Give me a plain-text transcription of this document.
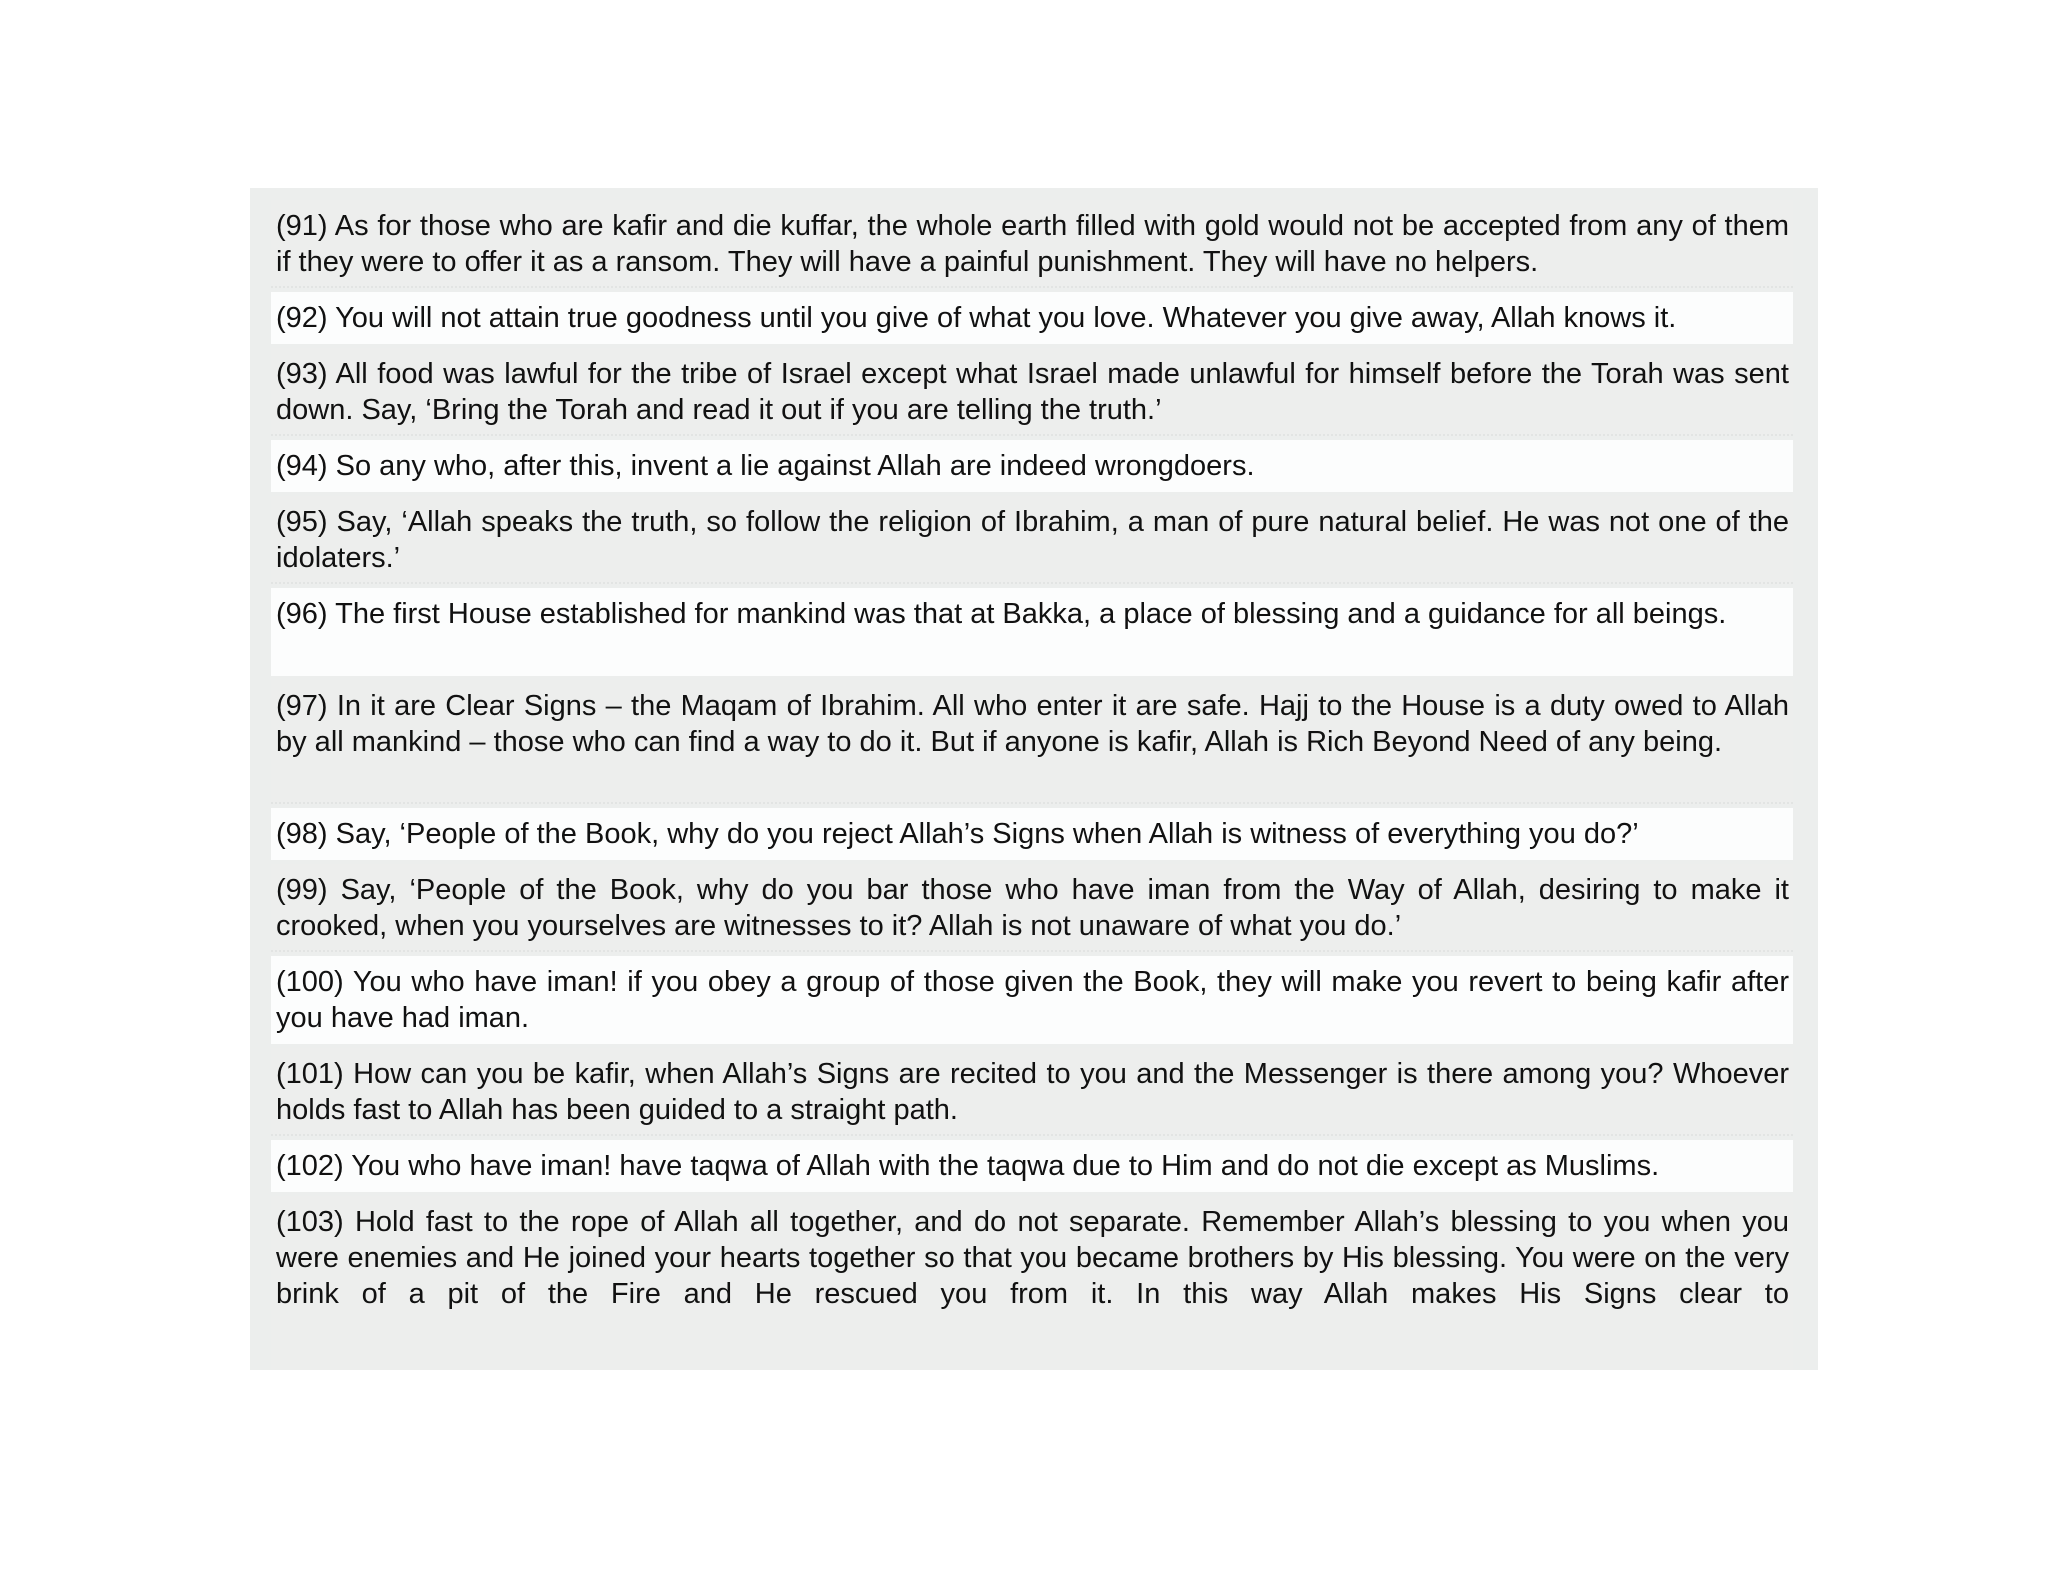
(91) As for those who are kafir and die kuffar, the whole earth filled with gold would not be accepted from any of them if they were to offer it as a ransom. They will have a painful punishment. They will have no helpers.
(92) You will not attain true goodness until you give of what you love. Whatever you give away, Allah knows it.
(93) All food was lawful for the tribe of Israel except what Israel made unlawful for himself before the Torah was sent down. Say, ‘Bring the Torah and read it out if you are telling the truth.’
(94) So any who, after this, invent a lie against Allah are indeed wrongdoers.
(95) Say, ‘Allah speaks the truth, so follow the religion of Ibrahim, a man of pure natural belief. He was not one of the idolaters.’
(96) The first House established for mankind was that at Bakka, a place of blessing and a guidance for all beings.
(97) In it are Clear Signs – the Maqam of Ibrahim. All who enter it are safe. Hajj to the House is a duty owed to Allah by all mankind – those who can find a way to do it. But if anyone is kafir, Allah is Rich Beyond Need of any being.
(98) Say, ‘People of the Book, why do you reject Allah’s Signs when Allah is witness of everything you do?’
(99) Say, ‘People of the Book, why do you bar those who have iman from the Way of Allah, desiring to make it crooked, when you yourselves are witnesses to it? Allah is not unaware of what you do.’
(100) You who have iman! if you obey a group of those given the Book, they will make you revert to being kafir after you have had iman.
(101) How can you be kafir, when Allah’s Signs are recited to you and the Messenger is there among you? Whoever holds fast to Allah has been guided to a straight path.
(102) You who have iman! have taqwa of Allah with the taqwa due to Him and do not die except as Muslims.
(103) Hold fast to the rope of Allah all together, and do not separate. Remember Allah’s blessing to you when you were enemies and He joined your hearts together so that you became brothers by His blessing. You were on the very brink of a pit of the Fire and He rescued you from it. In this way Allah makes His Signs clear to
